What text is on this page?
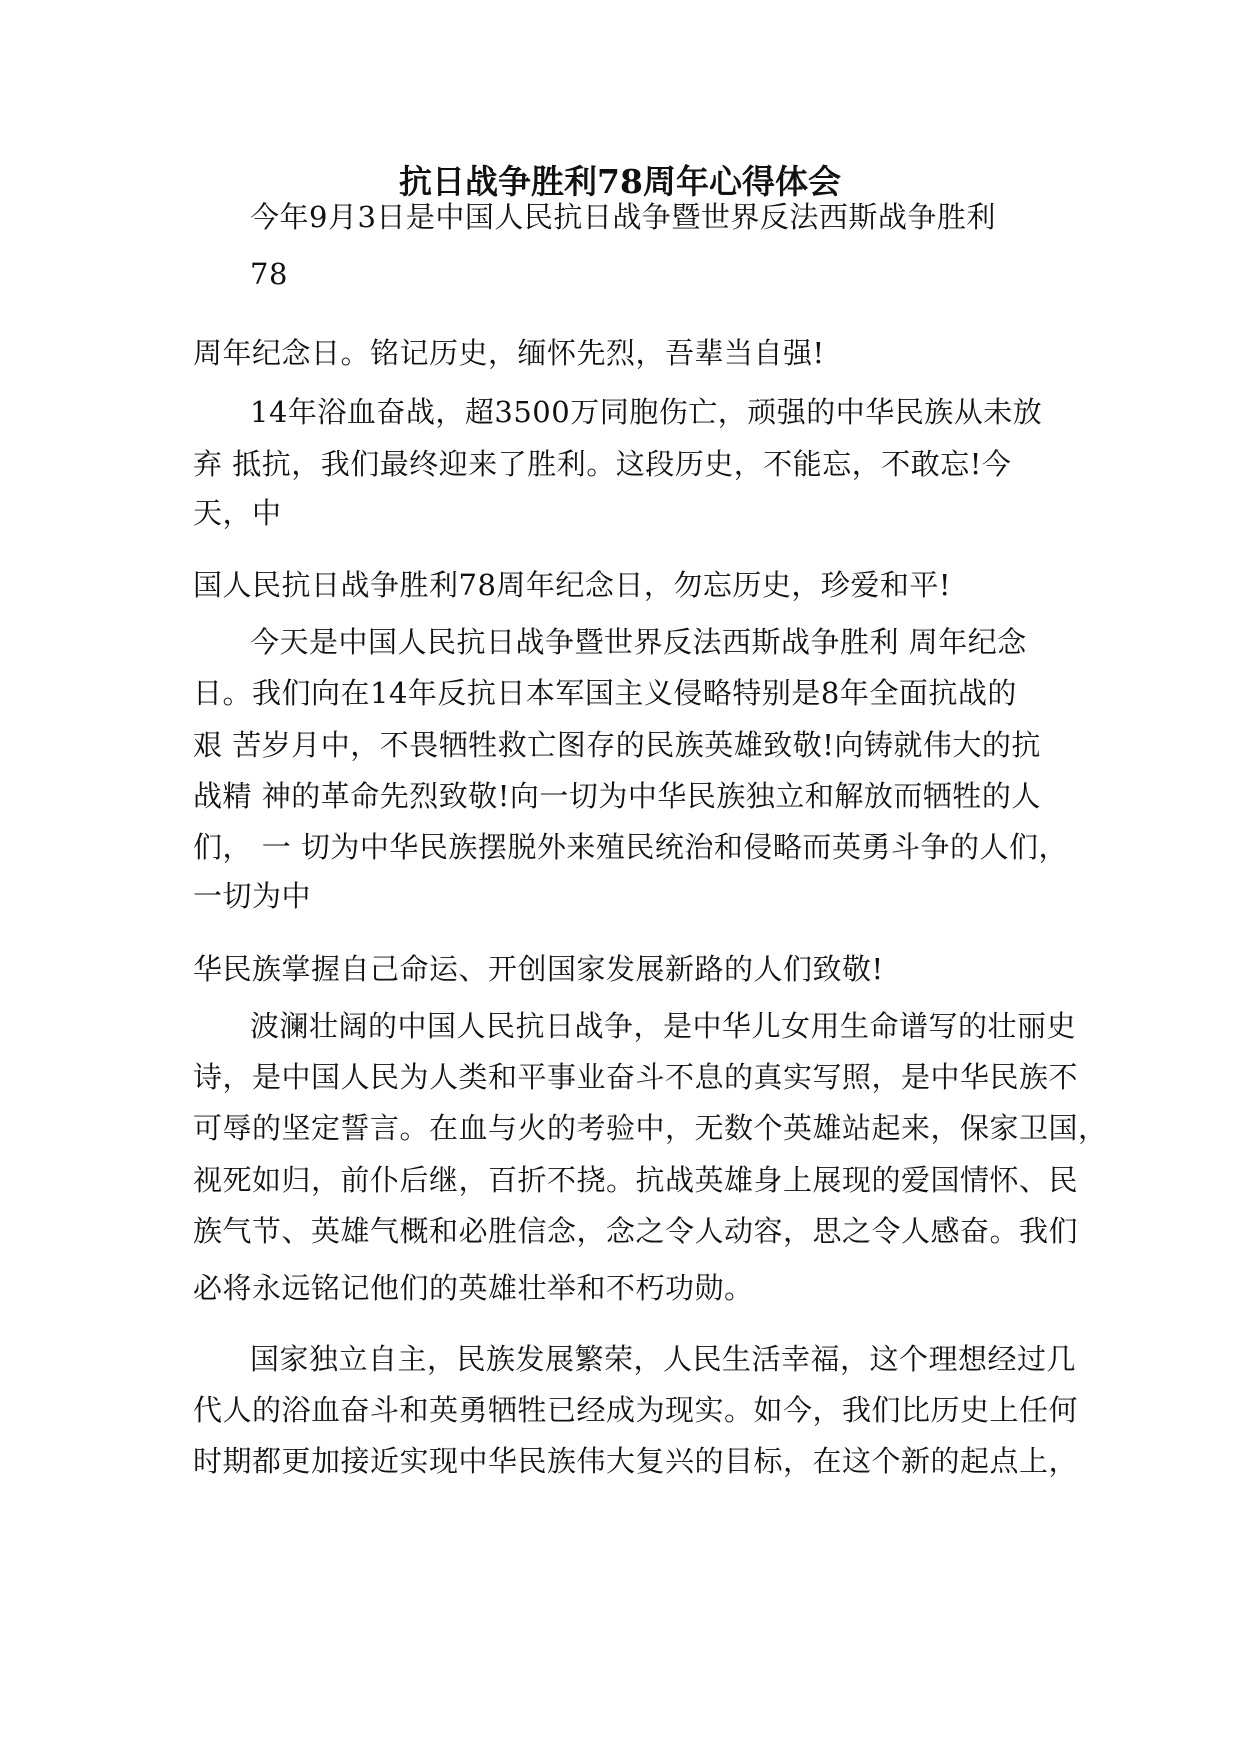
抗日战争胜利78周年心得体会
今年9月3日是中国人民抗日战争暨世界反法西斯战争胜利
78
周年纪念日。铭记历史，缅怀先烈，吾辈当自强!
14年浴血奋战，超3500万同胞伤亡，顽强的中华民族从未放
弃 抵抗，我们最终迎来了胜利。这段历史，不能忘，不敢忘!今
天，中
国人民抗日战争胜利78周年纪念日，勿忘历史，珍爱和平!
今天是中国人民抗日战争暨世界反法西斯战争胜利 周年纪念
日。我们向在14年反抗日本军国主义侵略特别是8年全面抗战的
艰 苦岁月中，不畏牺牲救亡图存的民族英雄致敬!向铸就伟大的抗
战精 神的革命先烈致敬!向一切为中华民族独立和解放而牺牲的人
们， 一 切为中华民族摆脱外来殖民统治和侵略而英勇斗争的人们，
一切为中
华民族掌握自己命运、开创国家发展新路的人们致敬!
波澜壮阔的中国人民抗日战争，是中华儿女用生命谱写的壮丽史
诗，是中国人民为人类和平事业奋斗不息的真实写照，是中华民族不
可辱的坚定誓言。在血与火的考验中，无数个英雄站起来，保家卫国，
视死如归，前仆后继，百折不挠。抗战英雄身上展现的爱国情怀、民
族气节、英雄气概和必胜信念，念之令人动容，思之令人感奋。我们
必将永远铭记他们的英雄壮举和不朽功勋。
国家独立自主，民族发展繁荣，人民生活幸福，这个理想经过几
代人的浴血奋斗和英勇牺牲已经成为现实。如今，我们比历史上任何
时期都更加接近实现中华民族伟大复兴的目标，在这个新的起点上，
